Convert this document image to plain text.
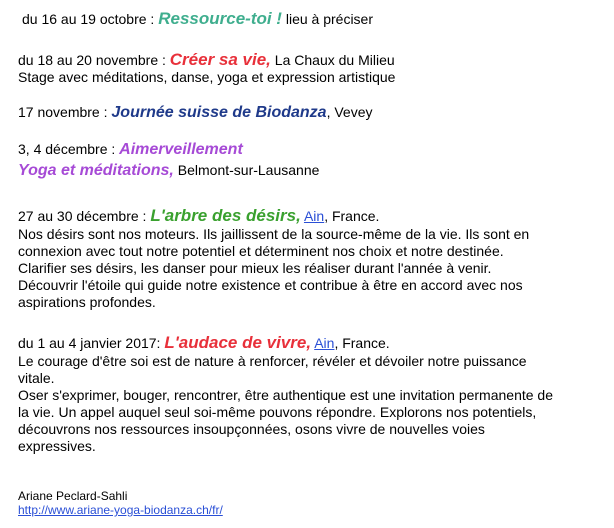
du 16 au 19 octobre : Ressource-toi ! lieu à préciser
du 18 au 20 novembre : Créer sa vie, La Chaux du Milieu
Stage avec méditations, danse, yoga et expression artistique
17 novembre : Journée suisse de Biodanza, Vevey
3, 4 décembre : Aimerveillement
Yoga et méditations, Belmont-sur-Lausanne
27 au 30 décembre : L'arbre des désirs, Ain, France.
Nos désirs sont nos moteurs. Ils jaillissent de la source-même de la vie. Ils sont en
connexion avec tout notre potentiel et déterminent nos choix et notre destinée.
Clarifier ses désirs, les danser pour mieux les réaliser durant l'année à venir.
Découvrir l'étoile qui guide notre existence et contribue à être en accord avec nos
aspirations profondes.
du 1 au 4 janvier 2017: L'audace de vivre, Ain, France.
Le courage d'être soi est de nature à renforcer, révéler et dévoiler notre puissance
vitale.
Oser s'exprimer, bouger, rencontrer, être authentique est une invitation permanente de
la vie. Un appel auquel seul soi-même pouvons répondre. Explorons nos potentiels,
découvrons nos ressources insoupçonnées, osons vivre de nouvelles voies
expressives.
Ariane Peclard-Sahli
http://www.ariane-yoga-biodanza.ch/fr/
